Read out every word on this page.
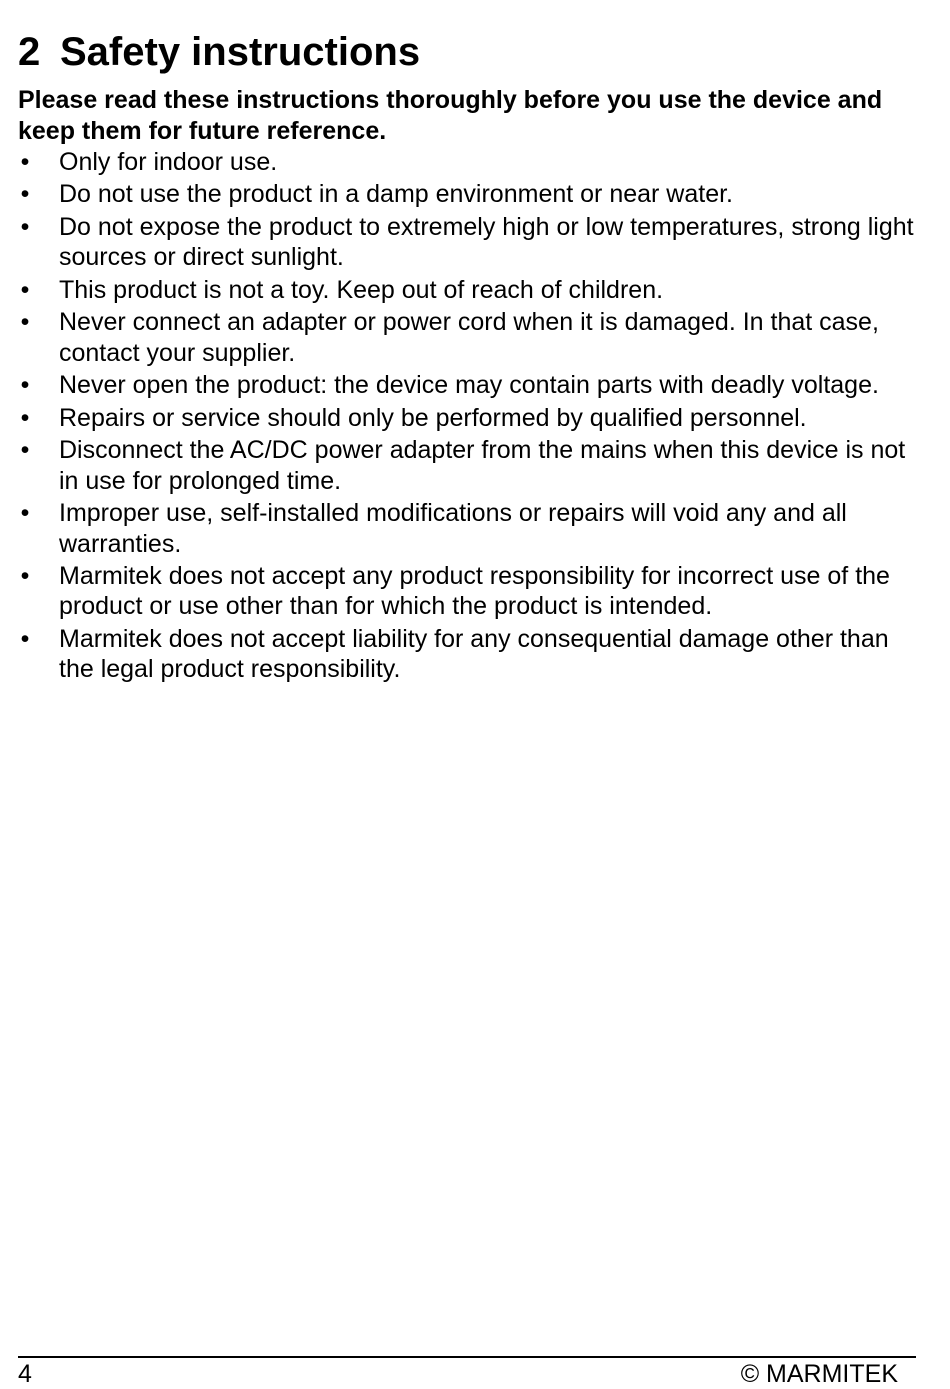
2 Safety instructions

Please read these instructions thoroughly before you use the device and keep them for future reference.

• Only for indoor use.
• Do not use the product in a damp environment or near water.
• Do not expose the product to extremely high or low temperatures, strong light sources or direct sunlight.
• This product is not a toy. Keep out of reach of children.
• Never connect an adapter or power cord when it is damaged. In that case, contact your supplier.
• Never open the product: the device may contain parts with deadly voltage.
• Repairs or service should only be performed by qualified personnel.
• Disconnect the AC/DC power adapter from the mains when this device is not in use for prolonged time.
• Improper use, self-installed modifications or repairs will void any and all warranties.
• Marmitek does not accept any product responsibility for incorrect use of the product or use other than for which the product is intended.
• Marmitek does not accept liability for any consequential damage other than the legal product responsibility.
4	© MARMITEK
